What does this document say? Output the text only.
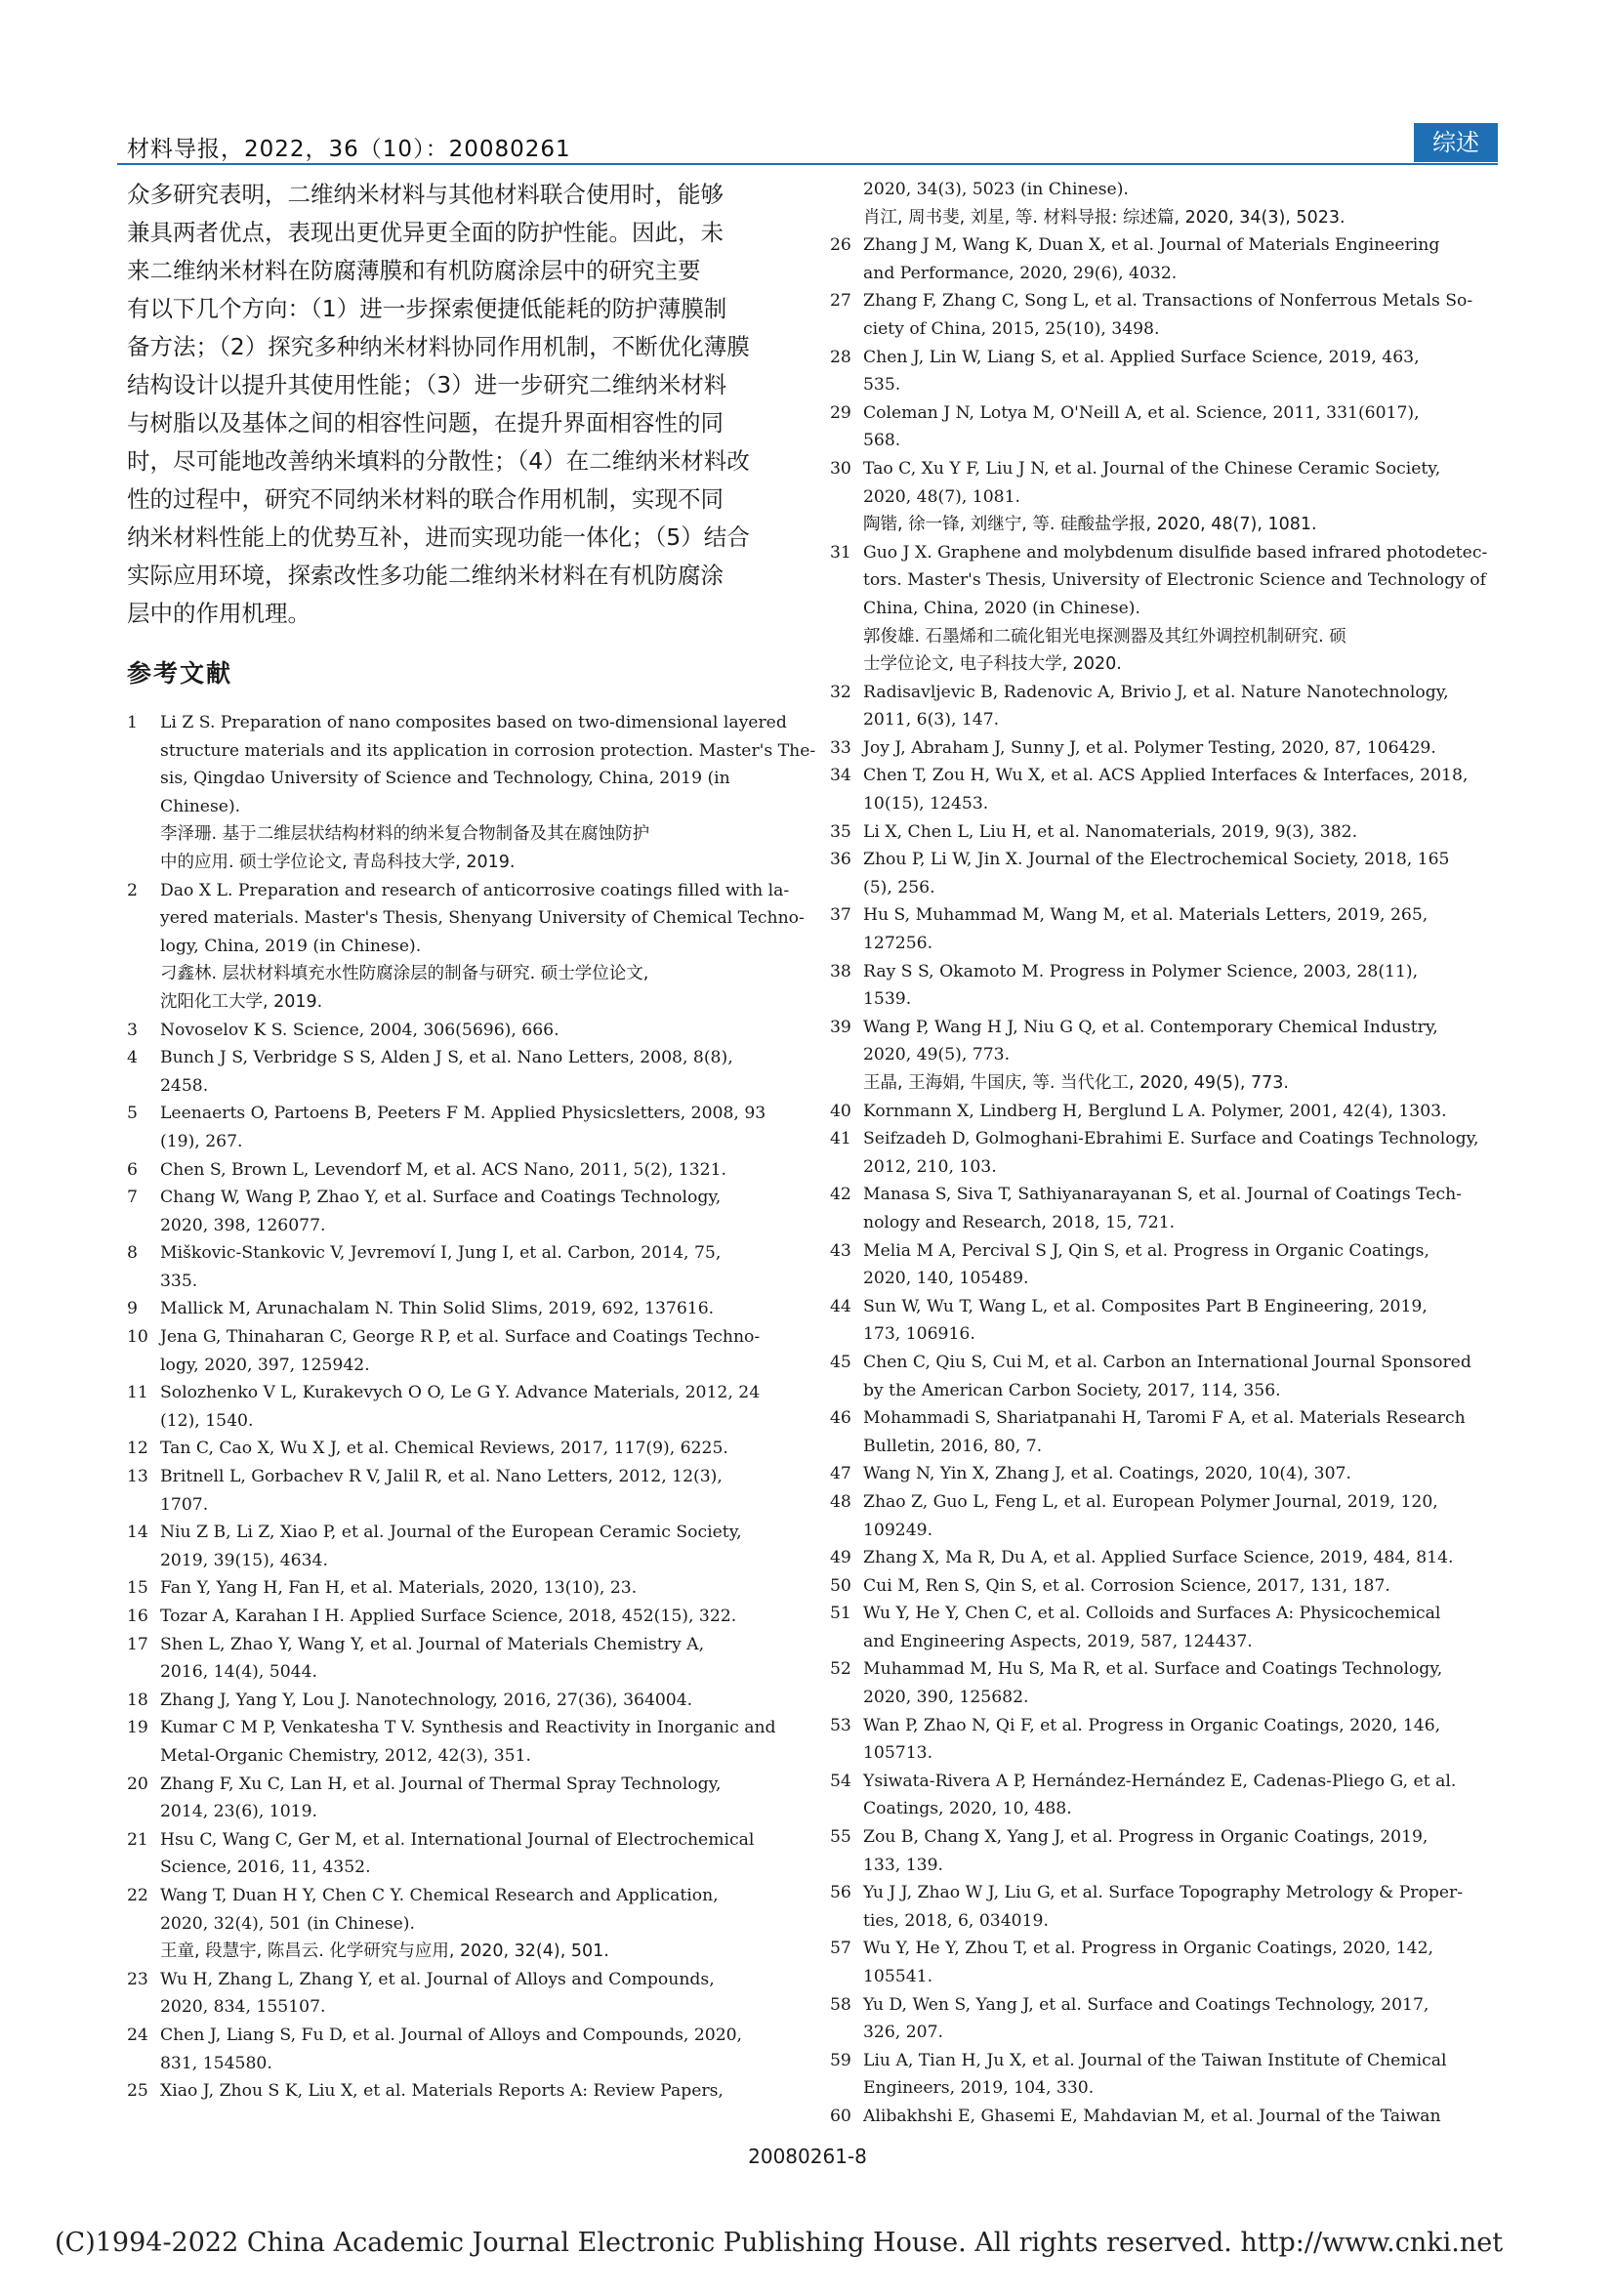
材料导报，2022，36（10）：20080261	综述
众多研究表明，二维纳米材料与其他材料联合使用时，能够
兼具两者优点，表现出更优异更全面的防护性能。因此，未
来二维纳米材料在防腐薄膜和有机防腐涂层中的研究主要
有以下几个方向：（1）进一步探索便捷低能耗的防护薄膜制
备方法；（2）探究多种纳米材料协同作用机制，不断优化薄膜
结构设计以提升其使用性能；（3）进一步研究二维纳米材料
与树脂以及基体之间的相容性问题，在提升界面相容性的同
时，尽可能地改善纳米填料的分散性；（4）在二维纳米材料改
性的过程中，研究不同纳米材料的联合作用机制，实现不同
纳米材料性能上的优势互补，进而实现功能一体化；（5）结合
实际应用环境，探索改性多功能二维纳米材料在有机防腐涂
层中的作用机理。
参考文献
1	Li Z S. Preparation of nano composites based on two-dimensional layered
structure materials and its application in corrosion protection. Master's The-
sis, Qingdao University of Science and Technology, China, 2019 (in
Chinese).
李泽珊. 基于二维层状结构材料的纳米复合物制备及其在腐蚀防护
中的应用. 硕士学位论文, 青岛科技大学, 2019.
2	Dao X L. Preparation and research of anticorrosive coatings filled with la-
yered materials. Master's Thesis, Shenyang University of Chemical Techno-
logy, China, 2019 (in Chinese).
刁鑫林. 层状材料填充水性防腐涂层的制备与研究. 硕士学位论文,
沈阳化工大学, 2019.
3	Novoselov K S. Science, 2004, 306(5696), 666.
4	Bunch J S, Verbridge S S, Alden J S, et al. Nano Letters, 2008, 8(8),
2458.
5	Leenaerts O, Partoens B, Peeters F M. Applied Physicsletters, 2008, 93
(19), 267.
6	Chen S, Brown L, Levendorf M, et al. ACS Nano, 2011, 5(2), 1321.
7	Chang W, Wang P, Zhao Y, et al. Surface and Coatings Technology,
2020, 398, 126077.
8	Miškovic-Stankovic V, Jevremoví I, Jung I, et al. Carbon, 2014, 75,
335.
9	Mallick M, Arunachalam N. Thin Solid Slims, 2019, 692, 137616.
10 Jena G, Thinaharan C, George R P, et al. Surface and Coatings Techno-
logy, 2020, 397, 125942.
11 Solozhenko V L, Kurakevych O O, Le G Y. Advance Materials, 2012, 24
(12), 1540.
12 Tan C, Cao X, Wu X J, et al. Chemical Reviews, 2017, 117(9), 6225.
13 Britnell L, Gorbachev R V, Jalil R, et al. Nano Letters, 2012, 12(3),
1707.
14 Niu Z B, Li Z, Xiao P, et al. Journal of the European Ceramic Society,
2019, 39(15), 4634.
15 Fan Y, Yang H, Fan H, et al. Materials, 2020, 13(10), 23.
16 Tozar A, Karahan I H. Applied Surface Science, 2018, 452(15), 322.
17 Shen L, Zhao Y, Wang Y, et al. Journal of Materials Chemistry A,
2016, 14(4), 5044.
18 Zhang J, Yang Y, Lou J. Nanotechnology, 2016, 27(36), 364004.
19 Kumar C M P, Venkatesha T V. Synthesis and Reactivity in Inorganic and
Metal-Organic Chemistry, 2012, 42(3), 351.
20 Zhang F, Xu C, Lan H, et al. Journal of Thermal Spray Technology,
2014, 23(6), 1019.
21 Hsu C, Wang C, Ger M, et al. International Journal of Electrochemical
Science, 2016, 11, 4352.
22 Wang T, Duan H Y, Chen C Y. Chemical Research and Application,
2020, 32(4), 501 (in Chinese).
王童, 段慧宇, 陈昌云. 化学研究与应用, 2020, 32(4), 501.
23 Wu H, Zhang L, Zhang Y, et al. Journal of Alloys and Compounds,
2020, 834, 155107.
24 Chen J, Liang S, Fu D, et al. Journal of Alloys and Compounds, 2020,
831, 154580.
25 Xiao J, Zhou S K, Liu X, et al. Materials Reports A: Review Papers,
2020, 34(3), 5023 (in Chinese).
肖江, 周书斐, 刘星, 等. 材料导报: 综述篇, 2020, 34(3), 5023.
26 Zhang J M, Wang K, Duan X, et al. Journal of Materials Engineering
and Performance, 2020, 29(6), 4032.
27 Zhang F, Zhang C, Song L, et al. Transactions of Nonferrous Metals So-
ciety of China, 2015, 25(10), 3498.
28 Chen J, Lin W, Liang S, et al. Applied Surface Science, 2019, 463,
535.
29 Coleman J N, Lotya M, O'Neill A, et al. Science, 2011, 331(6017),
568.
30 Tao C, Xu Y F, Liu J N, et al. Journal of the Chinese Ceramic Society,
2020, 48(7), 1081.
陶锴, 徐一锋, 刘继宁, 等. 硅酸盐学报, 2020, 48(7), 1081.
31 Guo J X. Graphene and molybdenum disulfide based infrared photodetec-
tors. Master's Thesis, University of Electronic Science and Technology of
China, China, 2020 (in Chinese).
郭俊雄. 石墨烯和二硫化钼光电探测器及其红外调控机制研究. 硕
士学位论文, 电子科技大学, 2020.
32 Radisavljevic B, Radenovic A, Brivio J, et al. Nature Nanotechnology,
2011, 6(3), 147.
33 Joy J, Abraham J, Sunny J, et al. Polymer Testing, 2020, 87, 106429.
34 Chen T, Zou H, Wu X, et al. ACS Applied Interfaces & Interfaces, 2018,
10(15), 12453.
35 Li X, Chen L, Liu H, et al. Nanomaterials, 2019, 9(3), 382.
36 Zhou P, Li W, Jin X. Journal of the Electrochemical Society, 2018, 165
(5), 256.
37 Hu S, Muhammad M, Wang M, et al. Materials Letters, 2019, 265,
127256.
38 Ray S S, Okamoto M. Progress in Polymer Science, 2003, 28(11),
1539.
39 Wang P, Wang H J, Niu G Q, et al. Contemporary Chemical Industry,
2020, 49(5), 773.
王晶, 王海娟, 牛国庆, 等. 当代化工, 2020, 49(5), 773.
40 Kornmann X, Lindberg H, Berglund L A. Polymer, 2001, 42(4), 1303.
41 Seifzadeh D, Golmoghani-Ebrahimi E. Surface and Coatings Technology,
2012, 210, 103.
42 Manasa S, Siva T, Sathiyanarayanan S, et al. Journal of Coatings Tech-
nology and Research, 2018, 15, 721.
43 Melia M A, Percival S J, Qin S, et al. Progress in Organic Coatings,
2020, 140, 105489.
44 Sun W, Wu T, Wang L, et al. Composites Part B Engineering, 2019,
173, 106916.
45 Chen C, Qiu S, Cui M, et al. Carbon an International Journal Sponsored
by the American Carbon Society, 2017, 114, 356.
46 Mohammadi S, Shariatpanahi H, Taromi F A, et al. Materials Research
Bulletin, 2016, 80, 7.
47 Wang N, Yin X, Zhang J, et al. Coatings, 2020, 10(4), 307.
48 Zhao Z, Guo L, Feng L, et al. European Polymer Journal, 2019, 120,
109249.
49 Zhang X, Ma R, Du A, et al. Applied Surface Science, 2019, 484, 814.
50 Cui M, Ren S, Qin S, et al. Corrosion Science, 2017, 131, 187.
51 Wu Y, He Y, Chen C, et al. Colloids and Surfaces A: Physicochemical
and Engineering Aspects, 2019, 587, 124437.
52 Muhammad M, Hu S, Ma R, et al. Surface and Coatings Technology,
2020, 390, 125682.
53 Wan P, Zhao N, Qi F, et al. Progress in Organic Coatings, 2020, 146,
105713.
54 Ysiwata-Rivera A P, Hernández-Hernández E, Cadenas-Pliego G, et al.
Coatings, 2020, 10, 488.
55 Zou B, Chang X, Yang J, et al. Progress in Organic Coatings, 2019,
133, 139.
56 Yu J J, Zhao W J, Liu G, et al. Surface Topography Metrology & Proper-
ties, 2018, 6, 034019.
57 Wu Y, He Y, Zhou T, et al. Progress in Organic Coatings, 2020, 142,
105541.
58 Yu D, Wen S, Yang J, et al. Surface and Coatings Technology, 2017,
326, 207.
59 Liu A, Tian H, Ju X, et al. Journal of the Taiwan Institute of Chemical
Engineers, 2019, 104, 330.
60 Alibakhshi E, Ghasemi E, Mahdavian M, et al. Journal of the Taiwan
20080261-8
(C)1994-2022 China Academic Journal Electronic Publishing House. All rights reserved. http://www.cnki.net
